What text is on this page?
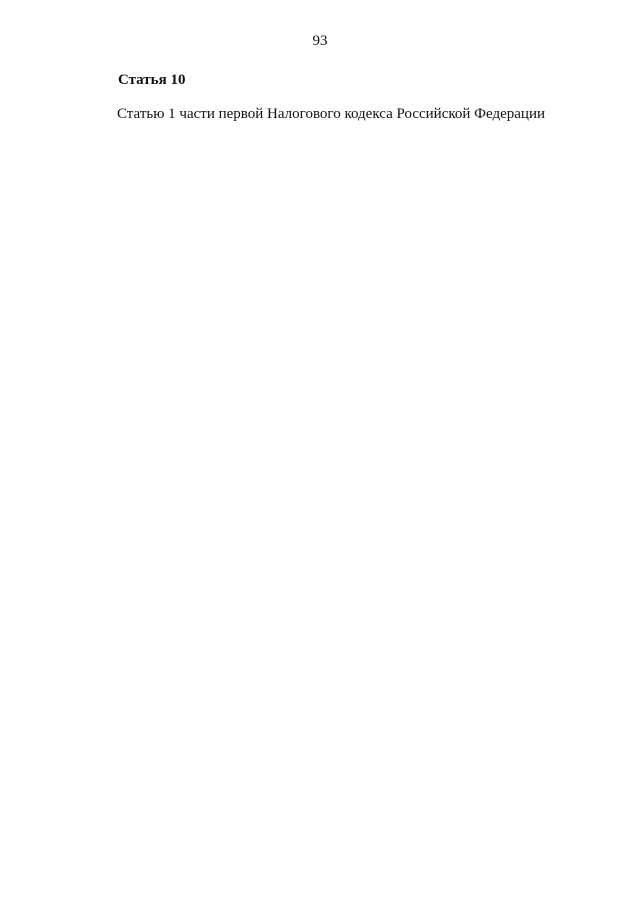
93
Статья 10
Статью 1 части первой Налогового кодекса Российской Федерации
